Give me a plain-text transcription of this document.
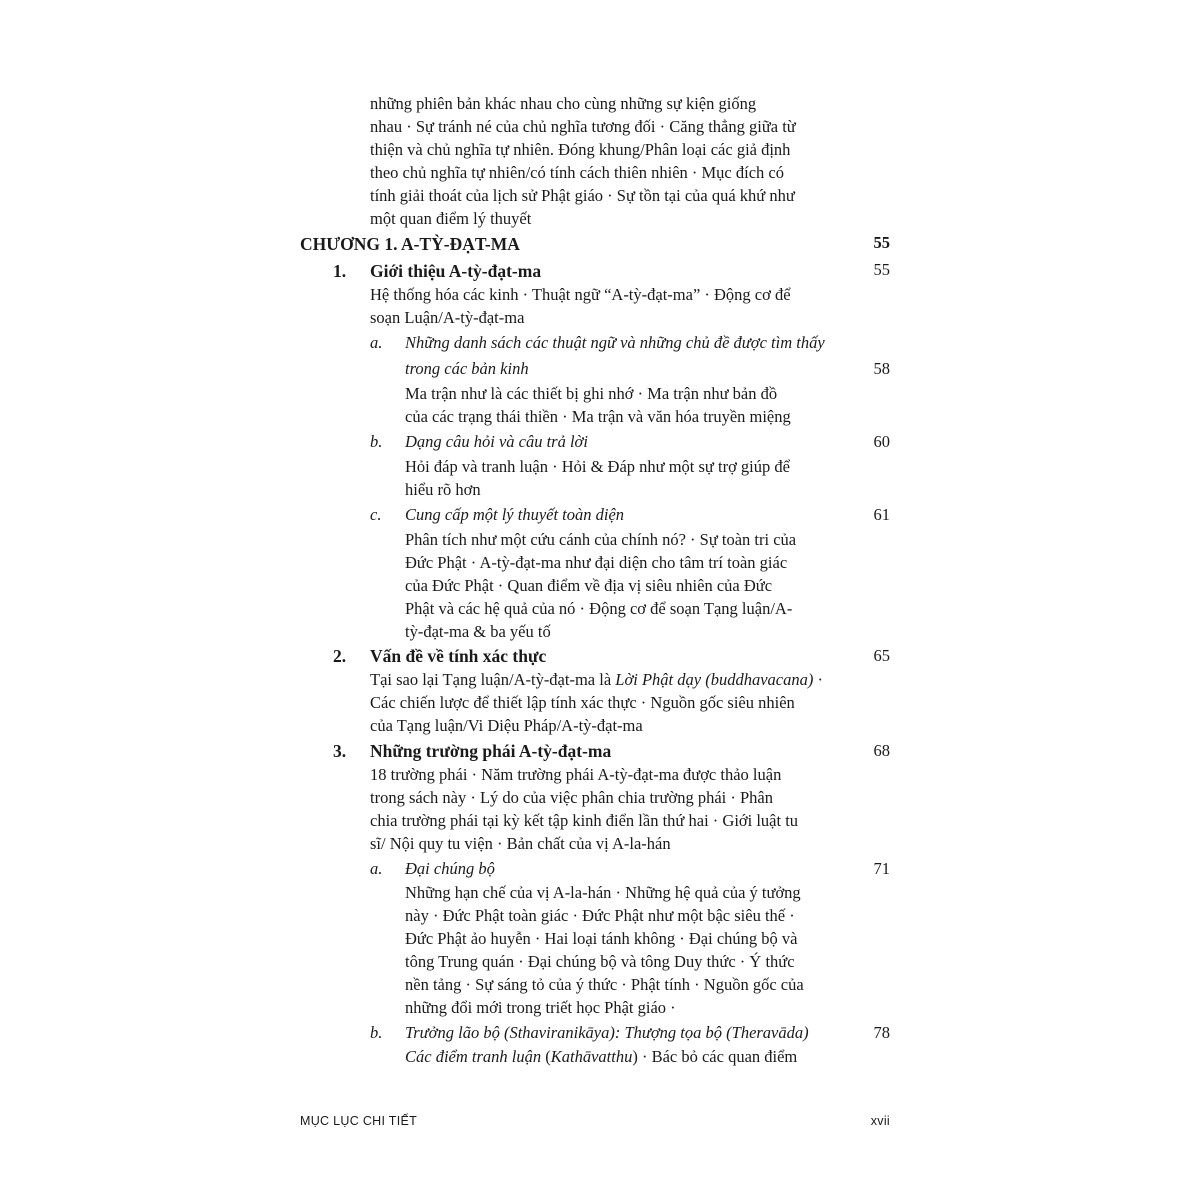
những phiên bản khác nhau cho cùng những sự kiện giống
nhau · Sự tránh né của chủ nghĩa tương đối · Căng thẳng giữa từ
thiện và chủ nghĩa tự nhiên. Đóng khung/Phân loại các giả định
theo chủ nghĩa tự nhiên/có tính cách thiên nhiên · Mục đích có
tính giải thoát của lịch sử Phật giáo · Sự tồn tại của quá khứ như
một quan điểm lý thuyết
CHƯƠNG 1. A-TỲ-ĐẠT-MA	55
1. Giới thiệu A-tỳ-đạt-ma	55
Hệ thống hóa các kinh · Thuật ngữ “A-tỳ-đạt-ma” · Động cơ để
soạn Luận/A-tỳ-đạt-ma
a. Những danh sách các thuật ngữ và những chủ đề được tìm thấy
trong các bản kinh	58
Ma trận như là các thiết bị ghi nhớ · Ma trận như bản đồ
của các trạng thái thiền · Ma trận và văn hóa truyền miệng
b. Dạng câu hỏi và câu trả lời	60
Hỏi đáp và tranh luận · Hỏi & Đáp như một sự trợ giúp để
hiểu rõ hơn
c. Cung cấp một lý thuyết toàn diện	61
Phân tích như một cứu cánh của chính nó? · Sự toàn tri của
Đức Phật · A-tỳ-đạt-ma như đại diện cho tâm trí toàn giác
của Đức Phật · Quan điểm về địa vị siêu nhiên của Đức
Phật và các hệ quả của nó · Động cơ để soạn Tạng luận/A-
tỳ-đạt-ma & ba yếu tố
2. Vấn đề về tính xác thực	65
Tại sao lại Tạng luận/A-tỳ-đạt-ma là Lời Phật dạy (buddhavacana) ·
Các chiến lược để thiết lập tính xác thực · Nguồn gốc siêu nhiên
của Tạng luận/Vi Diệu Pháp/A-tỳ-đạt-ma
3. Những trường phái A-tỳ-đạt-ma	68
18 trường phái · Năm trường phái A-tỳ-đạt-ma được thảo luận
trong sách này · Lý do của việc phân chia trường phái · Phân
chia trường phái tại kỳ kết tập kinh điển lần thứ hai · Giới luật tu
sĩ/ Nội quy tu viện · Bản chất của vị A-la-hán
a. Đại chúng bộ	71
Những hạn chế của vị A-la-hán · Những hệ quả của ý tưởng
này · Đức Phật toàn giác · Đức Phật như một bậc siêu thế ·
Đức Phật ảo huyễn · Hai loại tánh không · Đại chúng bộ và
tông Trung quán · Đại chúng bộ và tông Duy thức · Ý thức
nền tảng · Sự sáng tỏ của ý thức · Phật tính · Nguồn gốc của
những đổi mới trong triết học Phật giáo ·
b. Trưởng lão bộ (Sthaviranikāya): Thượng tọa bộ (Theravāda)	78
Các điểm tranh luận (Kathāvatthu) · Bác bỏ các quan điểm
MỤC LỤC CHI TIẾT	xvii
